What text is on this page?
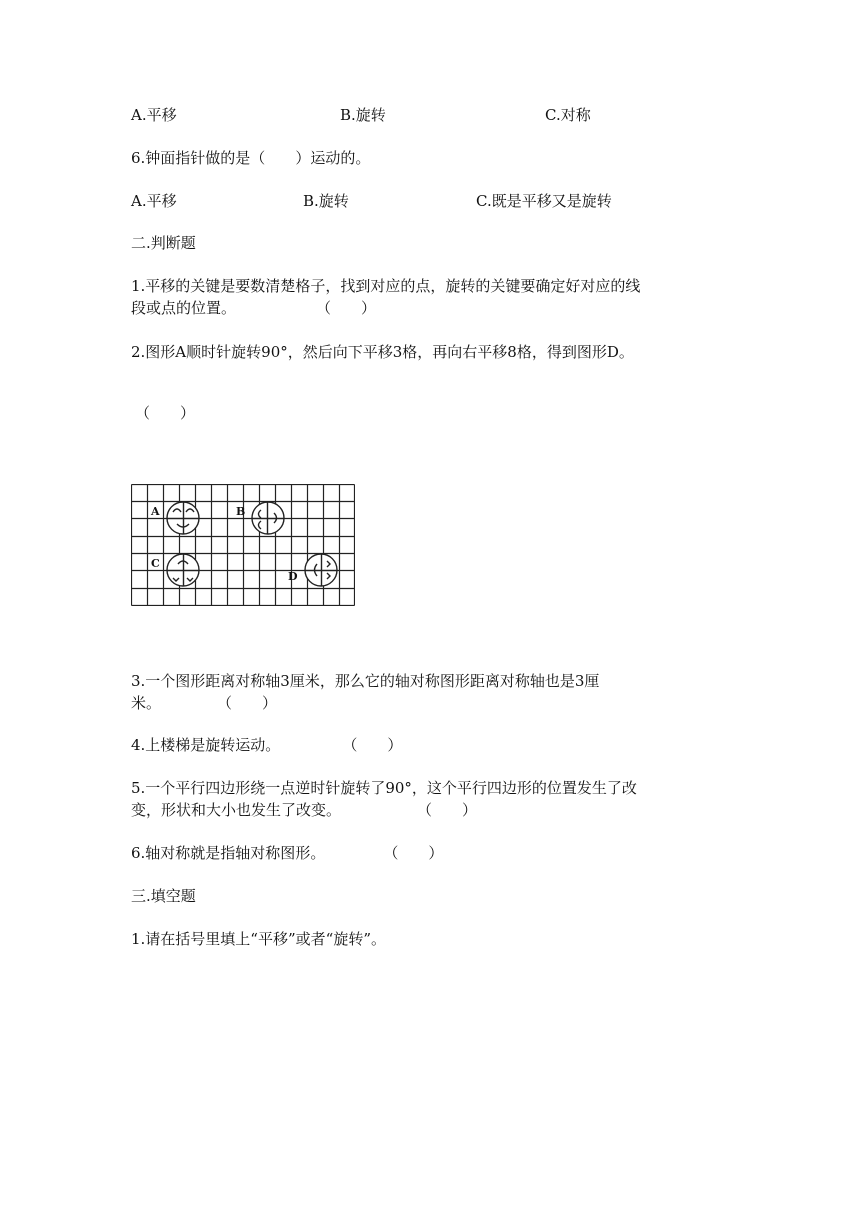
A.平移	B.旋转	C.对称
6.钟面指针做的是（　　）运动的。
A.平移	B.旋转	C.既是平移又是旋转
二.判断题
1.平移的关键是要数清楚格子，找到对应的点，旋转的关键要确定好对应的线
段或点的位置。	（　　）
2.图形A顺时针旋转90°，然后向下平移3格，再向右平移8格，得到图形D。
（　　）
A	B
C
D
3.一个图形距离对称轴3厘米，那么它的轴对称图形距离对称轴也是3厘
米。	（　　）
4.上楼梯是旋转运动。	（　　）
5.一个平行四边形绕一点逆时针旋转了90°，这个平行四边形的位置发生了改
变，形状和大小也发生了改变。	（　　）
6.轴对称就是指轴对称图形。	（　　）
三.填空题
1.请在括号里填上“平移”或者“旋转”。
